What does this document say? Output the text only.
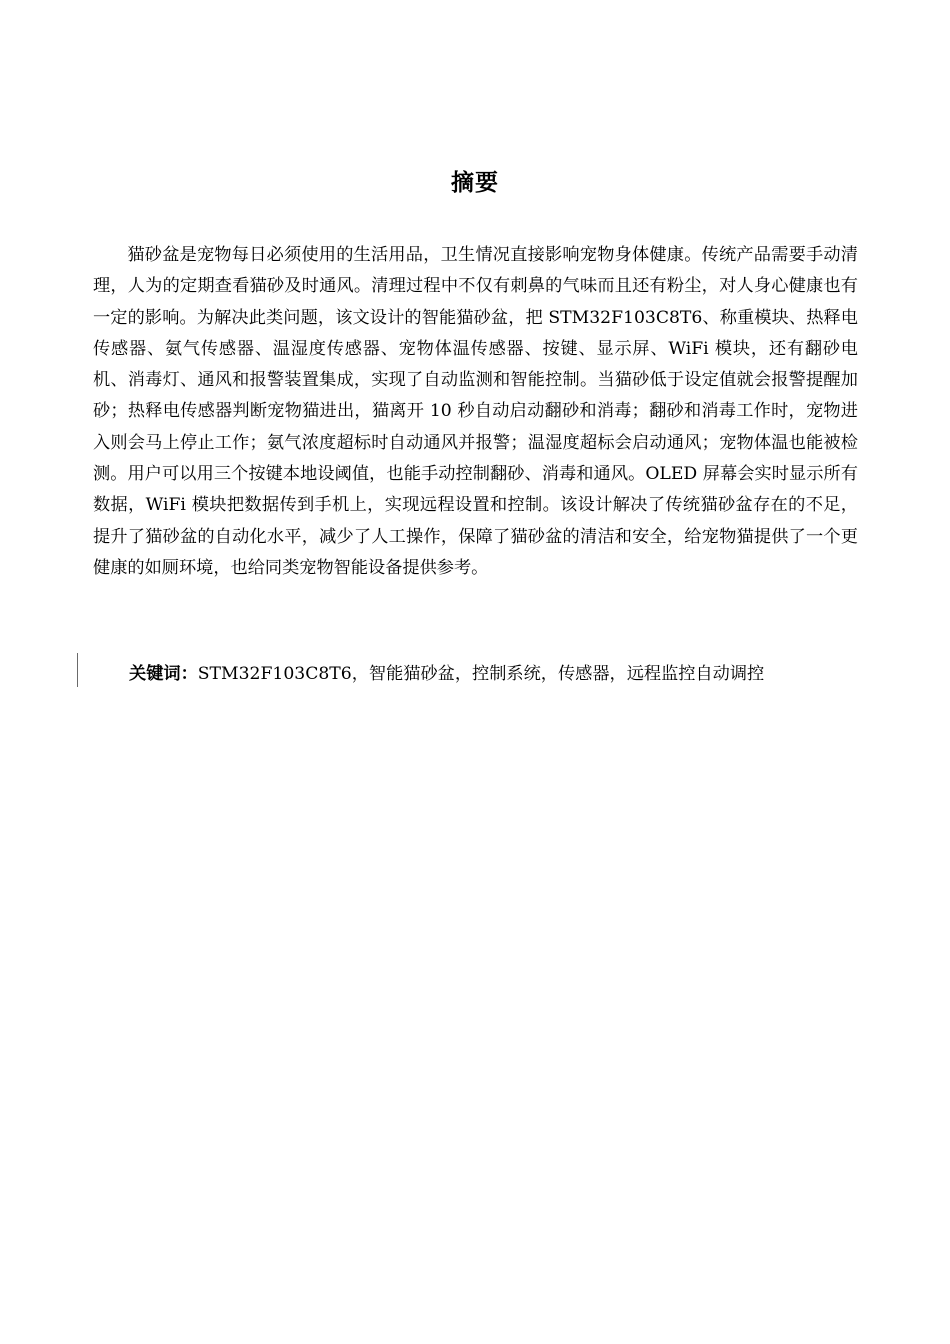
摘要

猫砂盆是宠物每日必须使用的生活用品，卫生情况直接影响宠物身体健康。传统产品需要手动清理，人为的定期查看猫砂及时通风。清理过程中不仅有刺鼻的气味而且还有粉尘，对人身心健康也有一定的影响。为解决此类问题，该文设计的智能猫砂盆，把 STM32F103C8T6、称重模块、热释电传感器、氨气传感器、温湿度传感器、宠物体温传感器、按键、显示屏、WiFi 模块，还有翻砂电机、消毒灯、通风和报警装置集成，实现了自动监测和智能控制。当猫砂低于设定值就会报警提醒加砂；热释电传感器判断宠物猫进出，猫离开 10 秒自动启动翻砂和消毒；翻砂和消毒工作时，宠物进入则会马上停止工作；氨气浓度超标时自动通风并报警；温湿度超标会启动通风；宠物体温也能被检测。用户可以用三个按键本地设阈值，也能手动控制翻砂、消毒和通风。OLED 屏幕会实时显示所有数据，WiFi 模块把数据传到手机上，实现远程设置和控制。该设计解决了传统猫砂盆存在的不足，提升了猫砂盆的自动化水平，减少了人工操作，保障了猫砂盆的清洁和安全，给宠物猫提供了一个更健康的如厕环境，也给同类宠物智能设备提供参考。

关键词：STM32F103C8T6，智能猫砂盆，控制系统，传感器，远程监控自动调控
